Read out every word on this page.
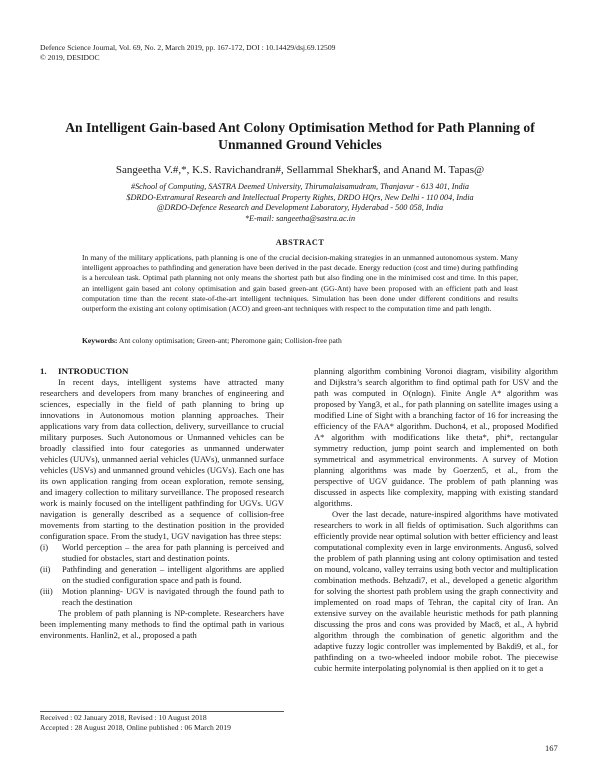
Defence Science Journal, Vol. 69, No. 2, March 2019, pp. 167-172, DOI : 10.14429/dsj.69.12509
© 2019, DESIDOC
An Intelligent Gain-based Ant Colony Optimisation Method for Path Planning of Unmanned Ground Vehicles
Sangeetha V.#,*, K.S. Ravichandran#, Sellammal Shekhar$, and Anand M. Tapas@
#School of Computing, SASTRA Deemed University, Thirumalaisamudram, Thanjavur - 613 401, India
$DRDO-Extramural Research and Intellectual Property Rights, DRDO HQrs, New Delhi - 110 004, India
@DRDO-Defence Research and Development Laboratory, Hyderabad - 500 058, India
*E-mail: sangeetha@sastra.ac.in
ABSTRACT
In many of the military applications, path planning is one of the crucial decision-making strategies in an unmanned autonomous system. Many intelligent approaches to pathfinding and generation have been derived in the past decade. Energy reduction (cost and time) during pathfinding is a herculean task. Optimal path planning not only means the shortest path but also finding one in the minimised cost and time. In this paper, an intelligent gain based ant colony optimisation and gain based green-ant (GG-Ant) have been proposed with an efficient path and least computation time than the recent state-of-the-art intelligent techniques. Simulation has been done under different conditions and results outperform the existing ant colony optimisation (ACO) and green-ant techniques with respect to the computation time and path length.
Keywords: Ant colony optimisation; Green-ant; Pheromone gain; Collision-free path
1. INTRODUCTION

In recent days, intelligent systems have attracted many researchers and developers from many branches of engineering and sciences, especially in the field of path planning to bring up innovations in Autonomous motion planning approaches. Their applications vary from data collection, delivery, surveillance to crucial military purposes. Such Autonomous or Unmanned vehicles can be broadly classified into four categories as unmanned underwater vehicles (UUVs), unmanned aerial vehicles (UAVs), unmanned surface vehicles (USVs) and unmanned ground vehicles (UGVs). Each one has its own application ranging from ocean exploration, remote sensing, and imagery collection to military surveillance. The proposed research work is mainly focused on the intelligent pathfinding for UGVs. UGV navigation is generally described as a sequence of collision-free movements from starting to the destination position in the provided configuration space. From the study1, UGV navigation has three steps:

(i)	World perception – the area for path planning is perceived and studied for obstacles, start and destination points.
(ii)	Pathfinding and generation – intelligent algorithms are applied on the studied configuration space and path is found.
(iii)	Motion planning- UGV is navigated through the found path to reach the destination

The problem of path planning is NP-complete. Researchers have been implementing many methods to find the optimal path in various environments. Hanlin2, et al., proposed a path

planning algorithm combining Voronoi diagram, visibility algorithm and Dijkstra’s search algorithm to find optimal path for USV and the path was computed in O(nlogn). Finite Angle A* algorithm was proposed by Yang3, et al., for path planning on satellite images using a modified Line of Sight with a branching factor of 16 for increasing the efficiency of the FAA* algorithm. Duchon4, et al., proposed Modified A* algorithm with modifications like theta*, phi*, rectangular symmetry reduction, jump point search and implemented on both symmetrical and asymmetrical environments. A survey of Motion planning algorithms was made by Goerzen5, et al., from the perspective of UGV guidance. The problem of path planning was discussed in aspects like complexity, mapping with existing standard algorithms.

Over the last decade, nature-inspired algorithms have motivated researchers to work in all fields of optimisation. Such algorithms can efficiently provide near optimal solution with better efficiency and least computational complexity even in large environments. Angus6, solved the problem of path planning using ant colony optimisation and tested on mound, volcano, valley terrains using both vector and multiplication combination methods. Behzadi7, et al., developed a genetic algorithm for solving the shortest path problem using the graph connectivity and implemented on road maps of Tehran, the capital city of Iran. An extensive survey on the available heuristic methods for path planning discussing the pros and cons was provided by Mac8, et al., A hybrid algorithm through the combination of genetic algorithm and the adaptive fuzzy logic controller was implemented by Bakdi9, et al., for pathfinding on a two-wheeled indoor mobile robot. The piecewise cubic hermite interpolating polynomial is then applied on it to get a

Received : 02 January 2018, Revised : 10 August 2018
Accepted : 28 August 2018, Online published : 06 March 2019
167
